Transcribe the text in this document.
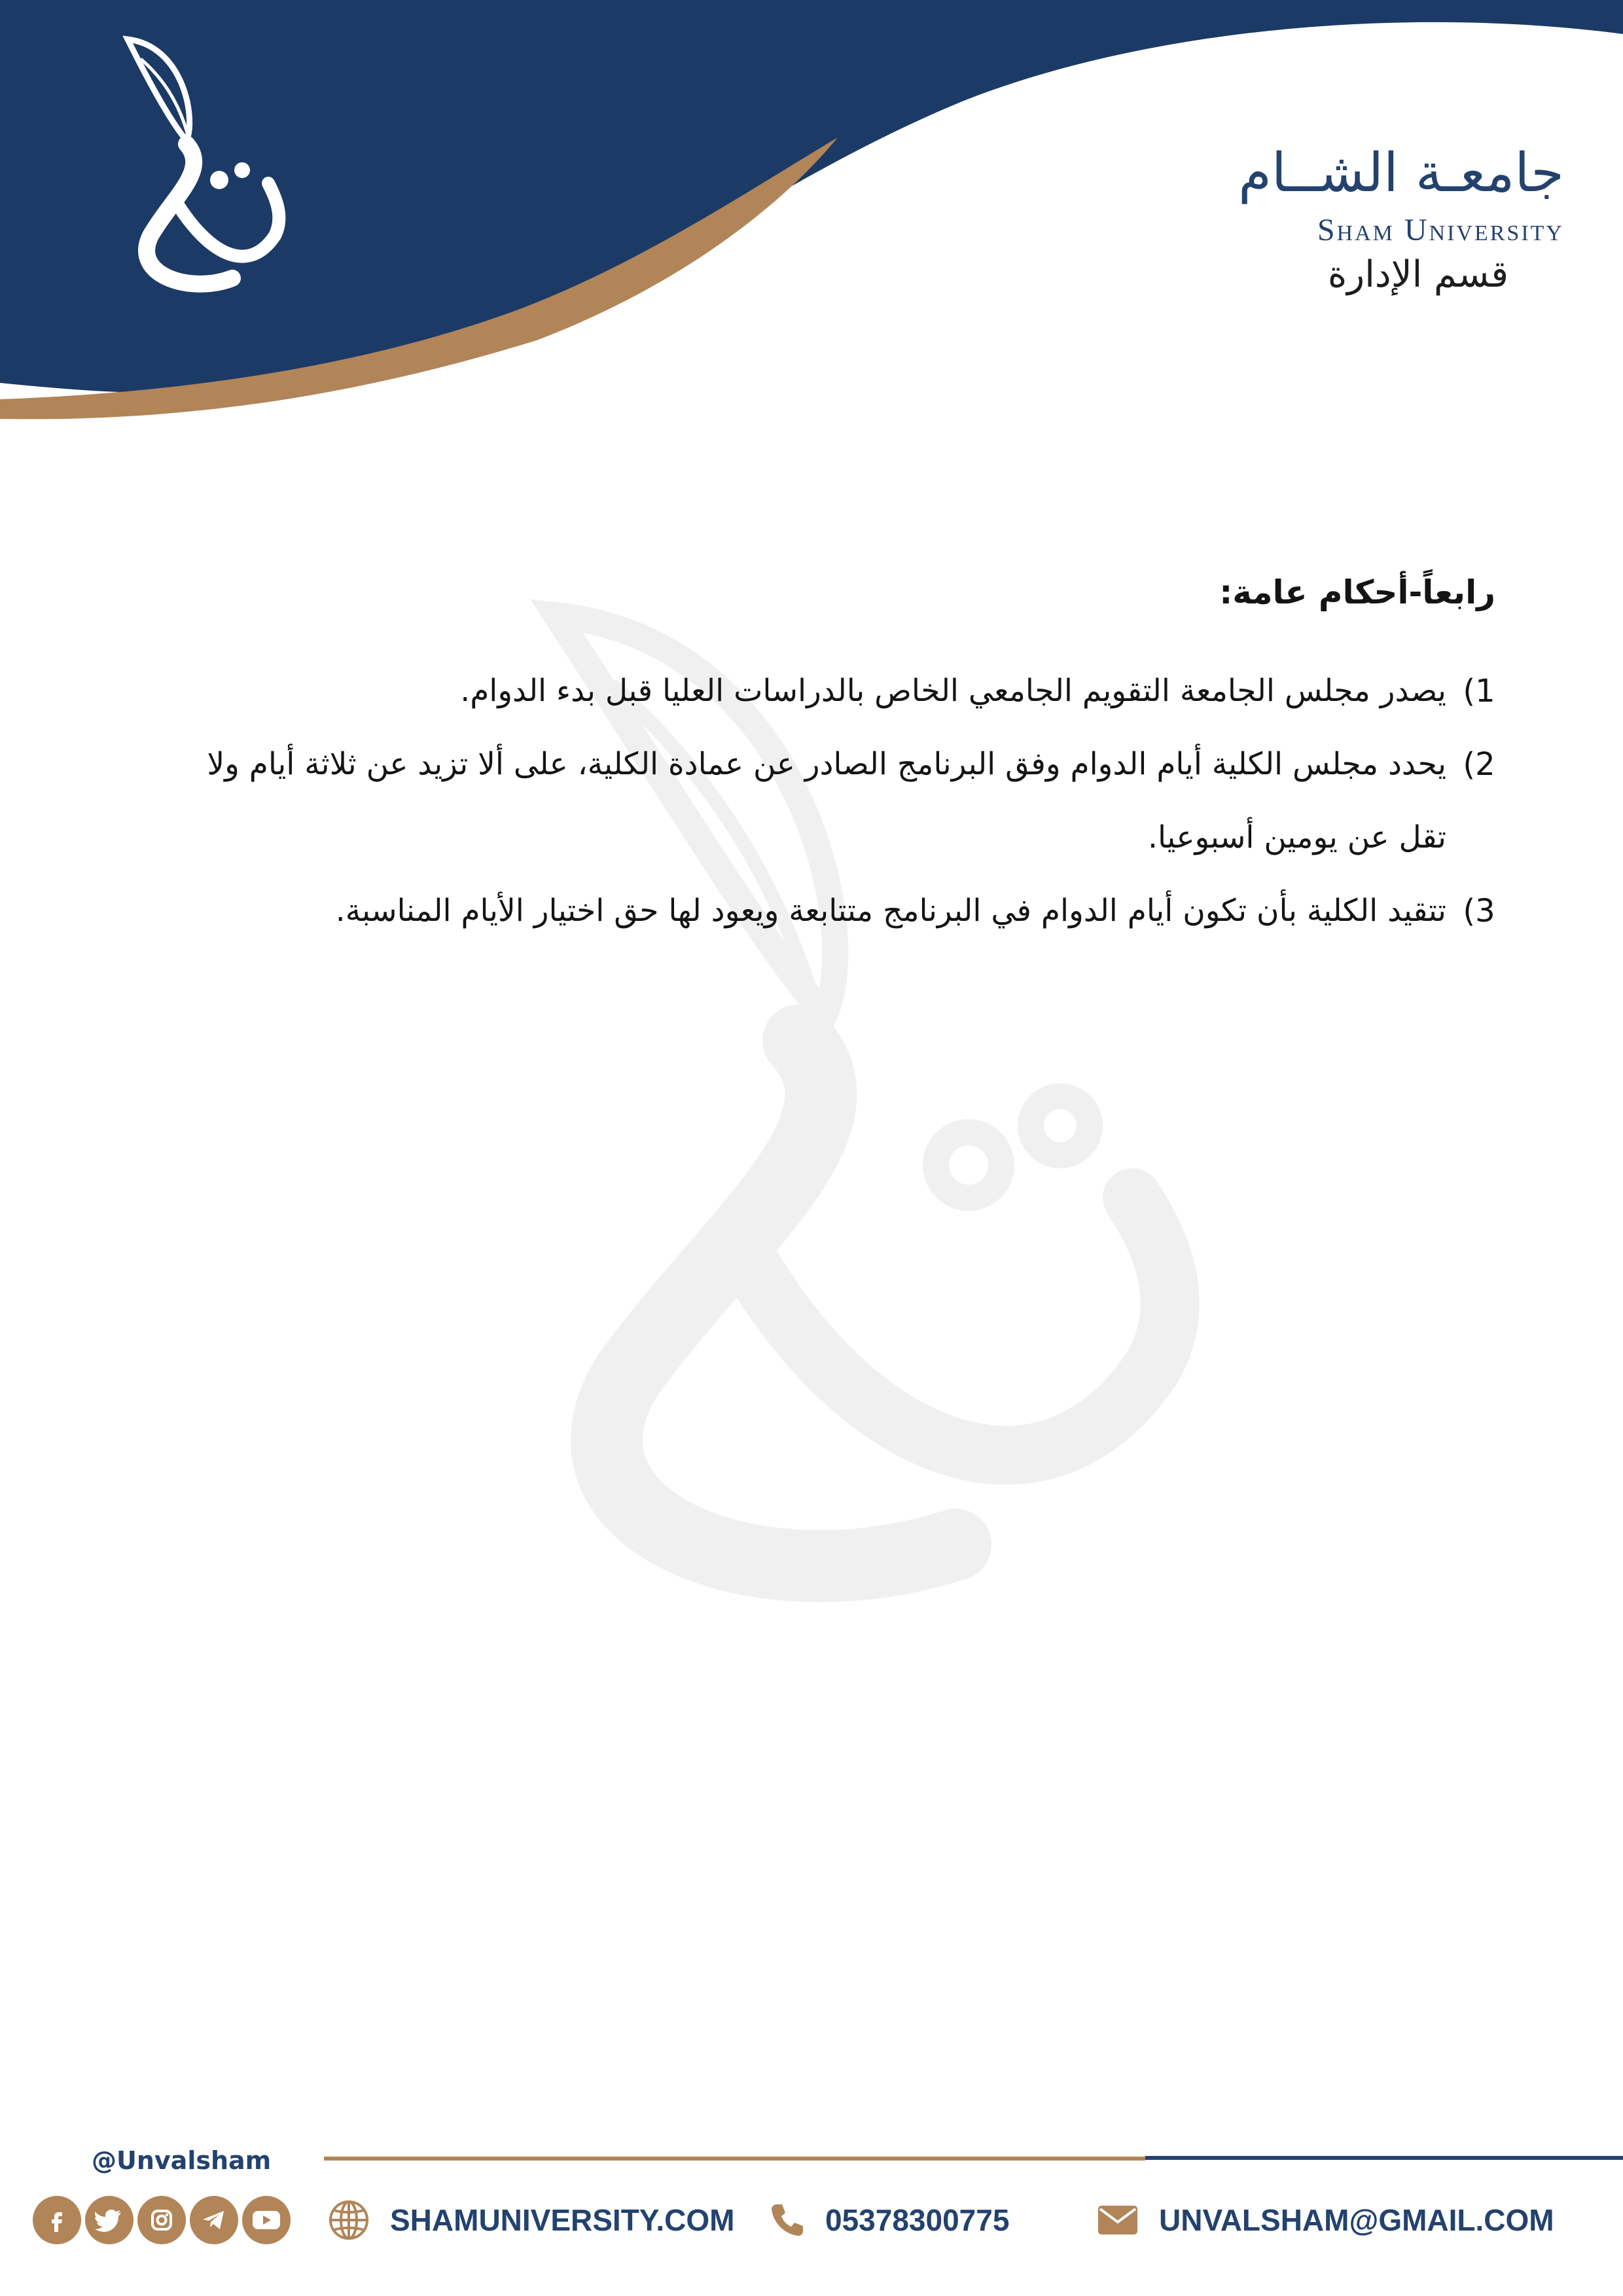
جامعـة الشــام
Sham University
قسم الإدارة
رابعاً-أحكام عامة:
1)
يصدر مجلس الجامعة التقويم الجامعي الخاص بالدراسات العليا قبل بدء الدوام.
2)
يحدد مجلس الكلية أيام الدوام وفق البرنامج الصادر عن عمادة الكلية، على ألا تزيد عن ثلاثة أيام ولا تقل عن يومين أسبوعيا.
3)
تتقيد الكلية بأن تكون أيام الدوام في البرنامج متتابعة ويعود لها حق اختيار الأيام المناسبة.
@Unvalsham
SHAMUNIVERSITY.COM	05378300775	UNVALSHAM@GMAIL.COM
